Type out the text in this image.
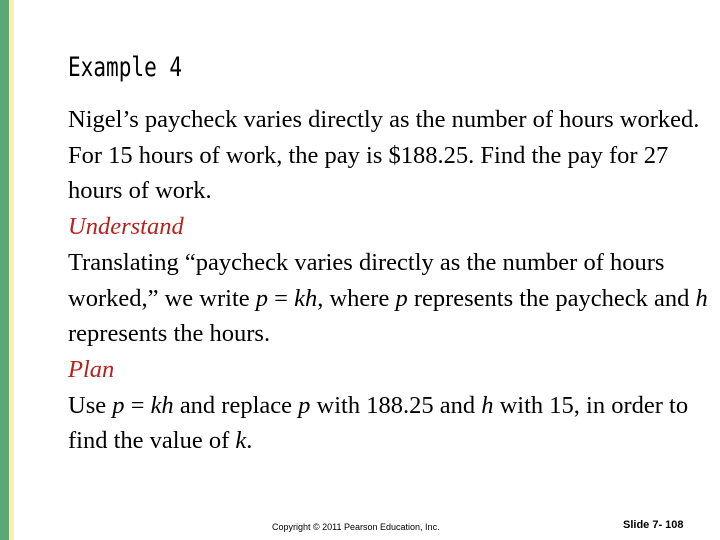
Example 4

Nigel’s paycheck varies directly as the number of hours worked. For 15 hours of work, the pay is $188.25. Find the pay for 27 hours of work.

Understand

Translating “paycheck varies directly as the number of hours worked,” we write p = kh, where p represents the paycheck and h represents the hours.

Plan

Use p = kh and replace p with 188.25 and h with 15, in order to find the value of k.

Copyright © 2011 Pearson Education, Inc.	Slide 7- 108
